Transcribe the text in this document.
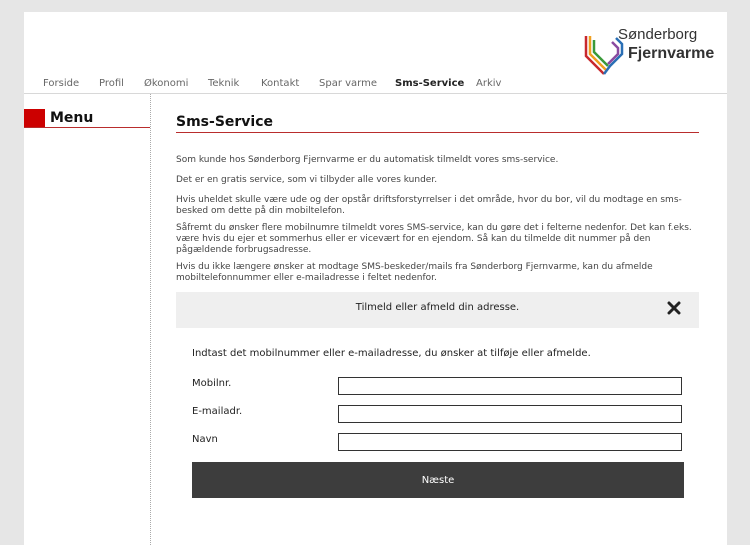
Sønderborg
Fjernvarme
Forside Profil Økonomi Teknik Kontakt Spar varme Sms-Service Arkiv
Menu	Sms-Service

Som kunde hos Sønderborg Fjernvarme er du automatisk tilmeldt vores sms-service.

Det er en gratis service, som vi tilbyder alle vores kunder.

Hvis uheldet skulle være ude og der opstår driftsforstyrrelser i det område, hvor du bor, vil du modtage en sms-besked om dette på din mobiltelefon.

Såfremt du ønsker flere mobilnumre tilmeldt vores SMS-service, kan du gøre det i felterne nedenfor. Det kan f.eks. være hvis du ejer et sommerhus eller er vicevært for en ejendom. Så kan du tilmelde dit nummer på den pågældende forbrugsadresse.

Hvis du ikke længere ønsker at modtage SMS-beskeder/mails fra Sønderborg Fjernvarme, kan du afmelde mobiltelefonnummer eller e-mailadresse i feltet nedenfor.

Tilmeld eller afmeld din adresse.
Indtast det mobilnummer eller e-mailadresse, du ønsker at tilføje eller afmelde.
Mobilnr.
E-mailadr.
Navn
Næste
